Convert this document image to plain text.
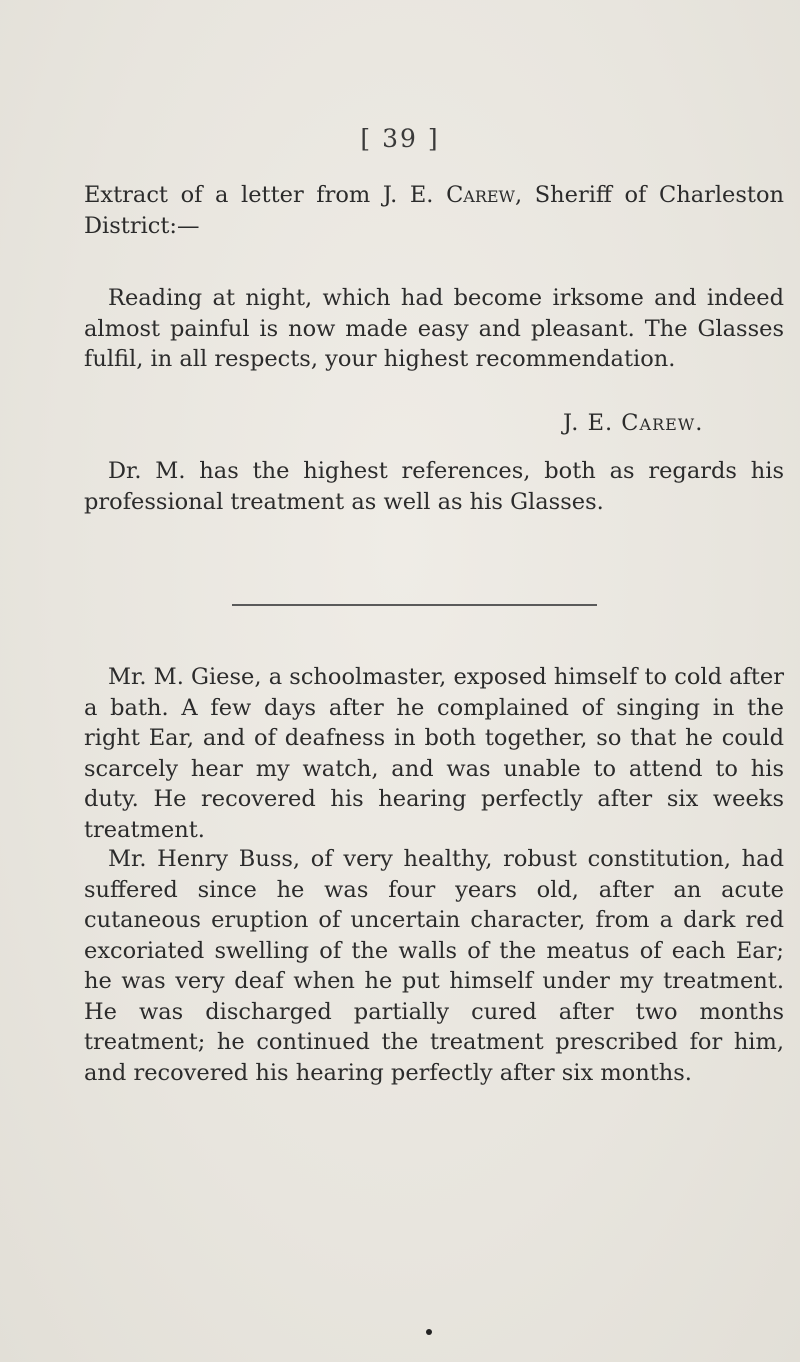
[ 39 ]

Extract of a letter from J. E. Carew, Sheriff of Charleston District:—

Reading at night, which had become irksome and indeed almost painful is now made easy and pleasant. The Glasses fulfil, in all respects, your highest recommendation.

J. E. Carew.

Dr. M. has the highest references, both as regards his professional treatment as well as his Glasses.

Mr. M. Giese, a schoolmaster, exposed himself to cold after a bath. A few days after he complained of singing in the right Ear, and of deafness in both together, so that he could scarcely hear my watch, and was unable to attend to his duty. He recovered his hearing perfectly after six weeks treatment.

Mr. Henry Buss, of very healthy, robust constitution, had suffered since he was four years old, after an acute cutaneous eruption of uncertain character, from a dark red excoriated swelling of the walls of the meatus of each Ear; he was very deaf when he put himself under my treatment. He was discharged partially cured after two months treatment; he continued the treatment prescribed for him, and recovered his hearing perfectly after six months.
